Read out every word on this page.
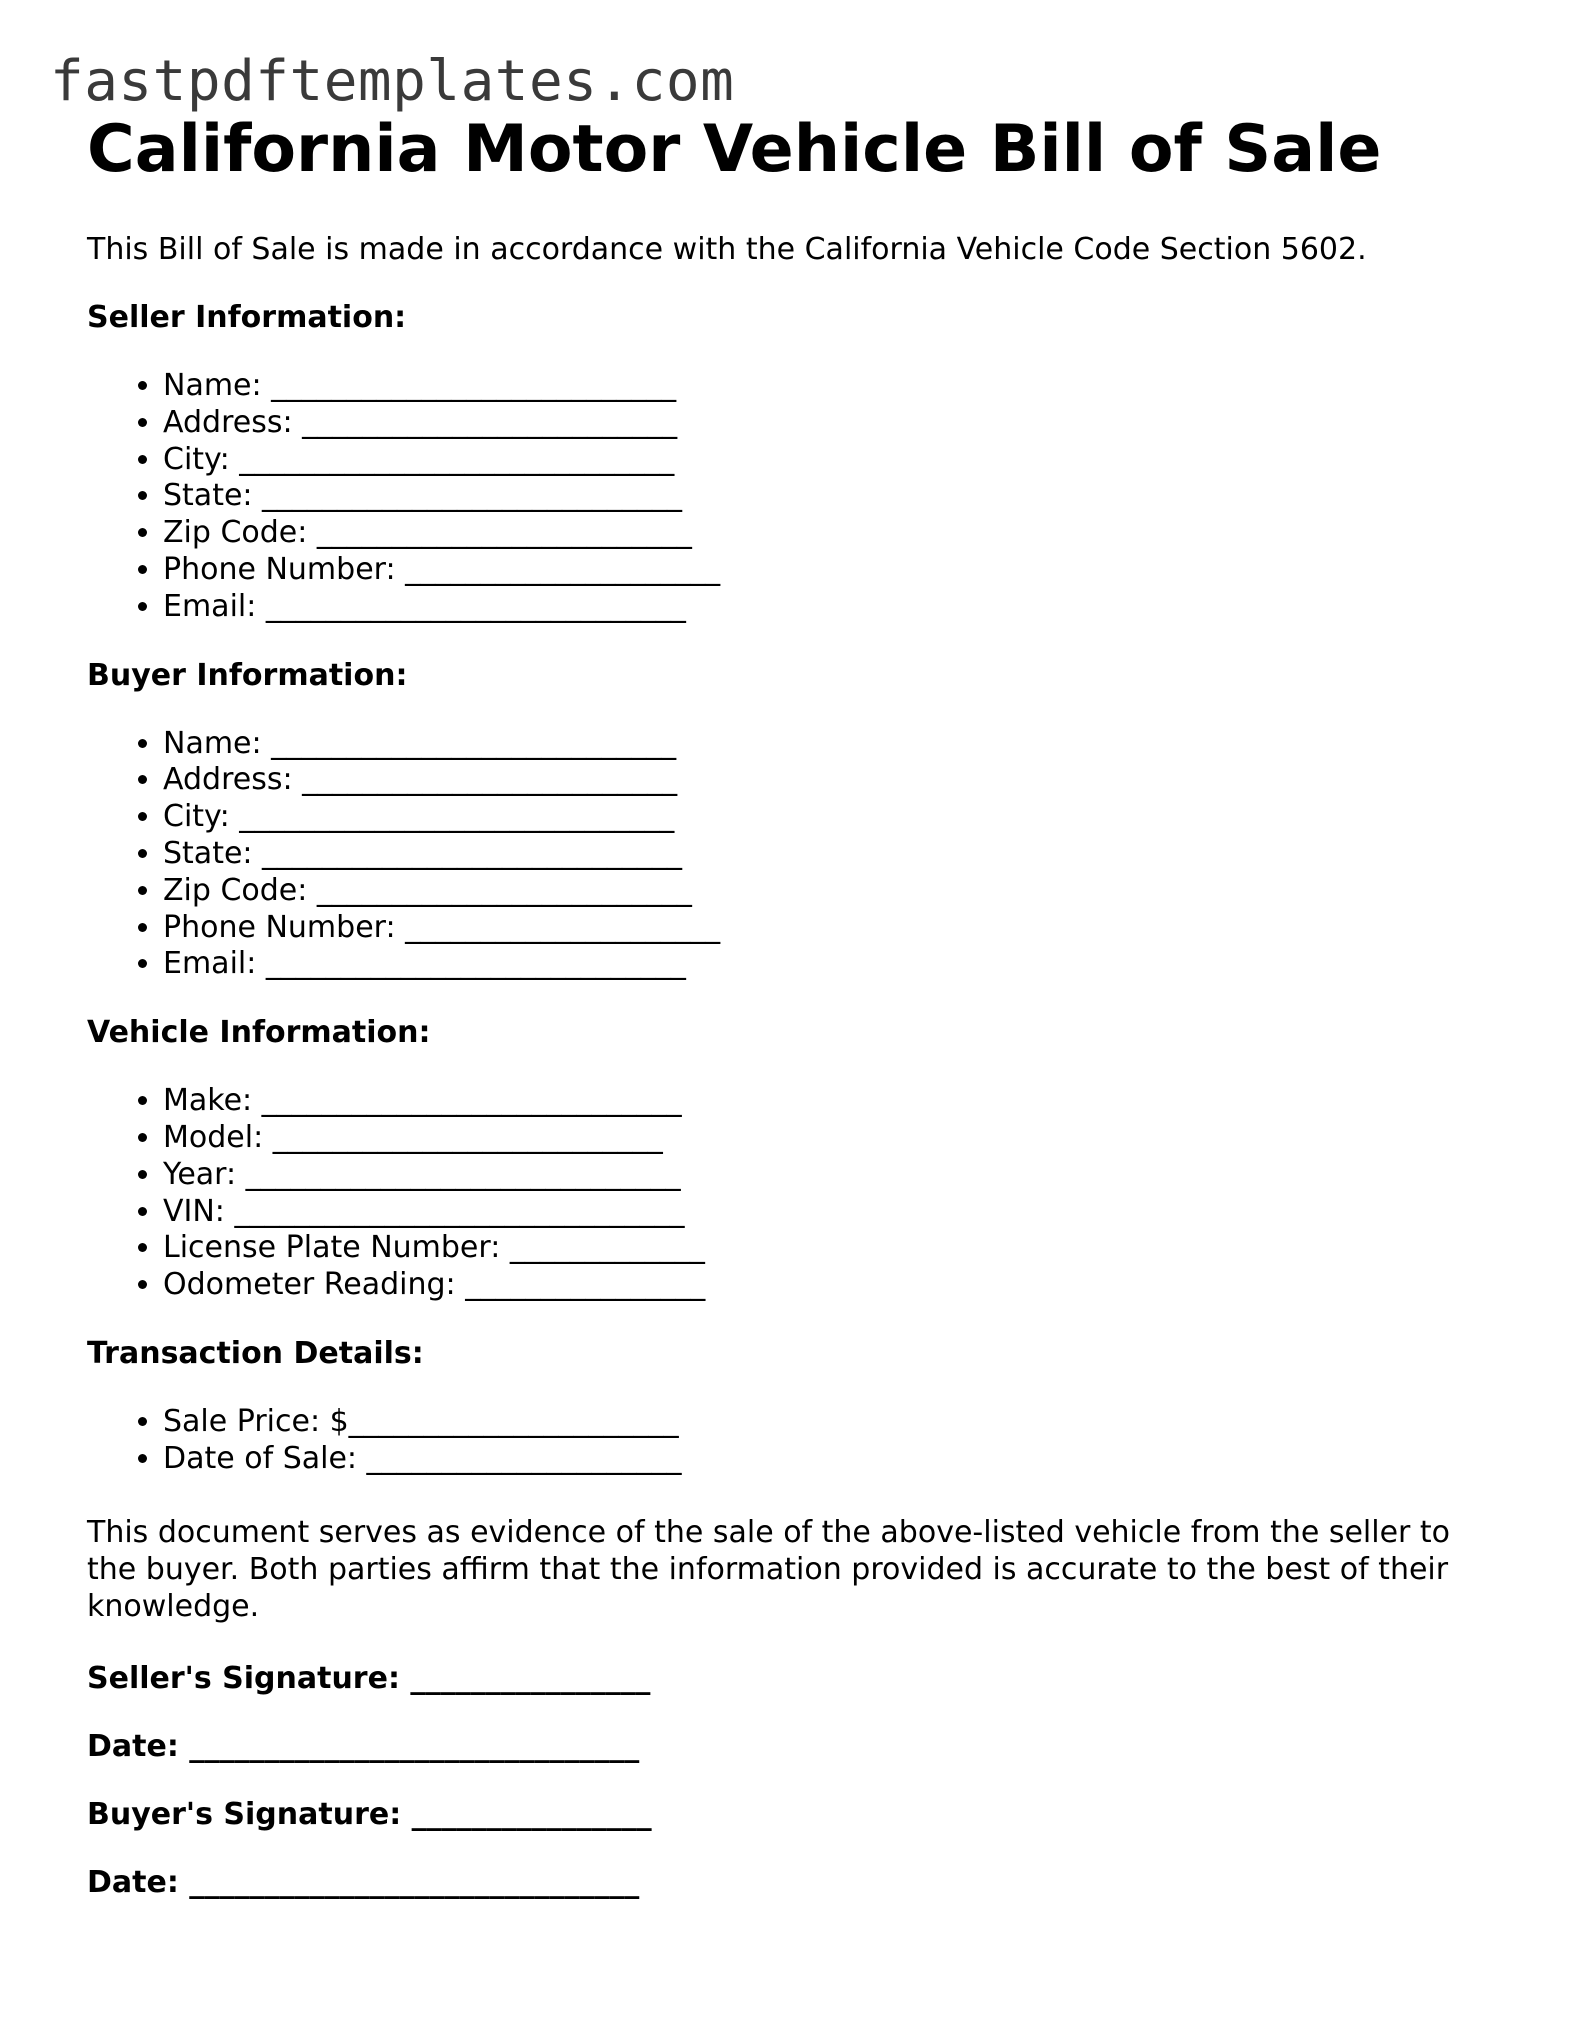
fastpdftemplates.com
California Motor Vehicle Bill of Sale

This Bill of Sale is made in accordance with the California Vehicle Code Section 5602.

Seller Information:

• Name: ___________________________
• Address: _________________________
• City: _____________________________
• State: ____________________________
• Zip Code: _________________________
• Phone Number: _____________________
• Email: ____________________________

Buyer Information:

• Name: ___________________________
• Address: _________________________
• City: _____________________________
• State: ____________________________
• Zip Code: _________________________
• Phone Number: _____________________
• Email: ____________________________

Vehicle Information:

• Make: ____________________________
• Model: __________________________
• Year: _____________________________
• VIN: ______________________________
• License Plate Number: _____________
• Odometer Reading: ________________

Transaction Details:

• Sale Price: $______________________
• Date of Sale: _____________________

This document serves as evidence of the sale of the above-listed vehicle from the seller to the buyer. Both parties affirm that the information provided is accurate to the best of their knowledge.

Seller's Signature: ________________

Date: ______________________________

Buyer's Signature: ________________

Date: ______________________________
